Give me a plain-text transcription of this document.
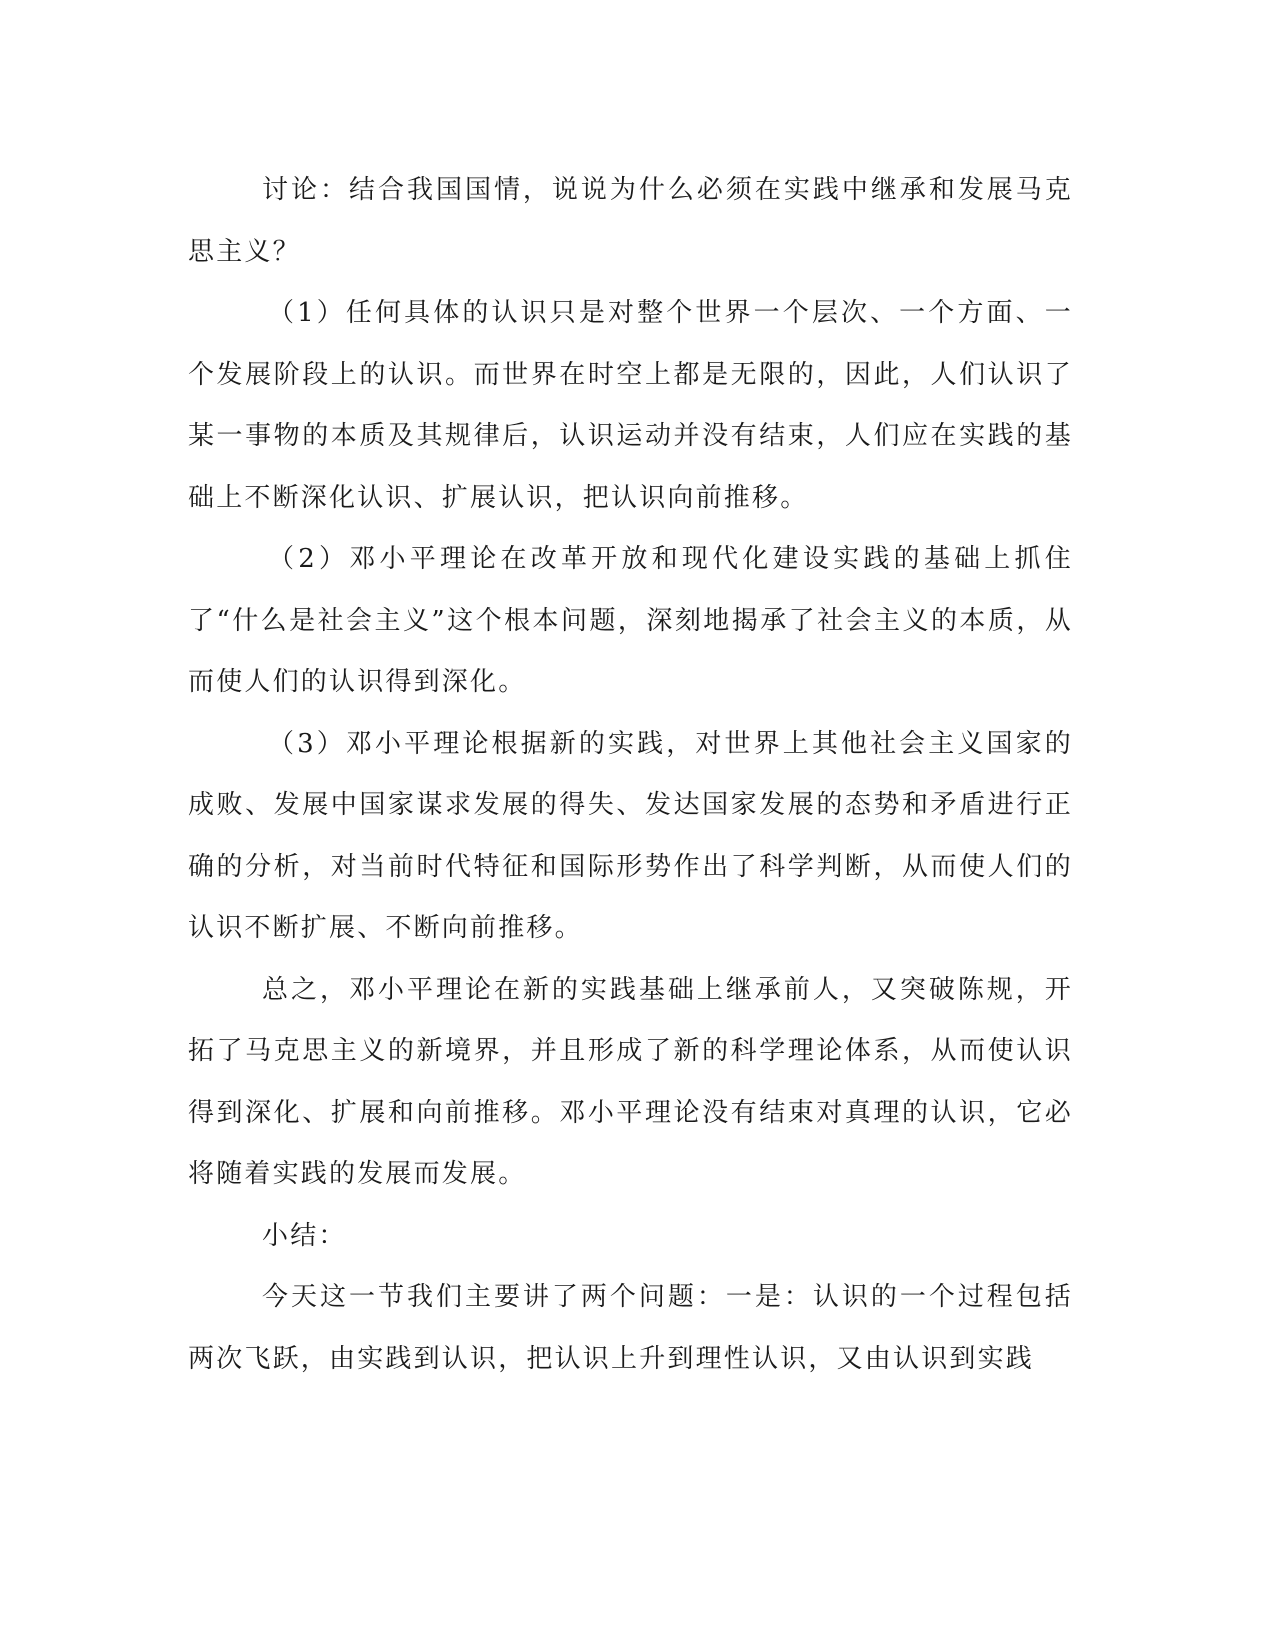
讨论：结合我国国情，说说为什么必须在实践中继承和发展马克思主义？

（1）任何具体的认识只是对整个世界一个层次、一个方面、一个发展阶段上的认识。而世界在时空上都是无限的，因此，人们认识了某一事物的本质及其规律后，认识运动并没有结束，人们应在实践的基础上不断深化认识、扩展认识，把认识向前推移。

（2）邓小平理论在改革开放和现代化建设实践的基础上抓住了“什么是社会主义”这个根本问题，深刻地揭承了社会主义的本质，从而使人们的认识得到深化。

（3）邓小平理论根据新的实践，对世界上其他社会主义国家的成败、发展中国家谋求发展的得失、发达国家发展的态势和矛盾进行正确的分析，对当前时代特征和国际形势作出了科学判断，从而使人们的认识不断扩展、不断向前推移。

总之，邓小平理论在新的实践基础上继承前人，又突破陈规，开拓了马克思主义的新境界，并且形成了新的科学理论体系，从而使认识得到深化、扩展和向前推移。邓小平理论没有结束对真理的认识，它必将随着实践的发展而发展。

小结：

今天这一节我们主要讲了两个问题：一是：认识的一个过程包括两次飞跃，由实践到认识，把认识上升到理性认识，又由认识到实践
